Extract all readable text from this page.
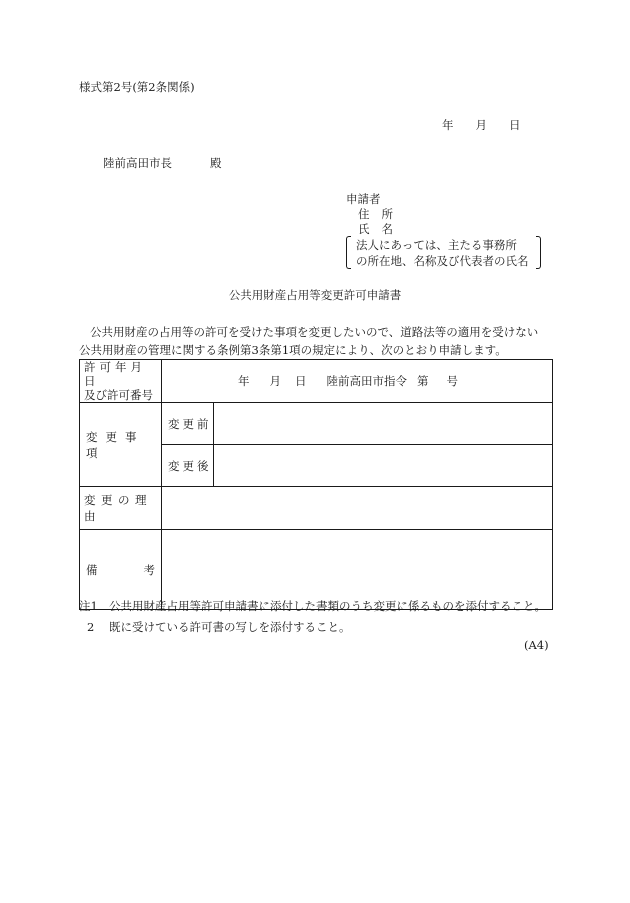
様式第2号(第2条関係)
年 月 日
陸前高田市長	殿
申請者
住 所
氏 名
法人にあっては、主たる事務所
の所在地、名称及び代表者の氏名
公共用財産占用等変更許可申請書
公共用財産の占用等の許可を受けた事項を変更したいので、道路法等の適用を受けない
公共用財産の管理に関する条例第3条第1項の規定により、次のとおり申請します。
許可年月日
及び許可番号	年 月 日 陸前高田市指令 第 号	
変更事項	変更前	
	変更後	
変更の理由		

備 考		

注1 公共用財産占用等許可申請書に添付した書類のうち変更に係るものを添付すること。
2 既に受けている許可書の写しを添付すること。
(A4)
